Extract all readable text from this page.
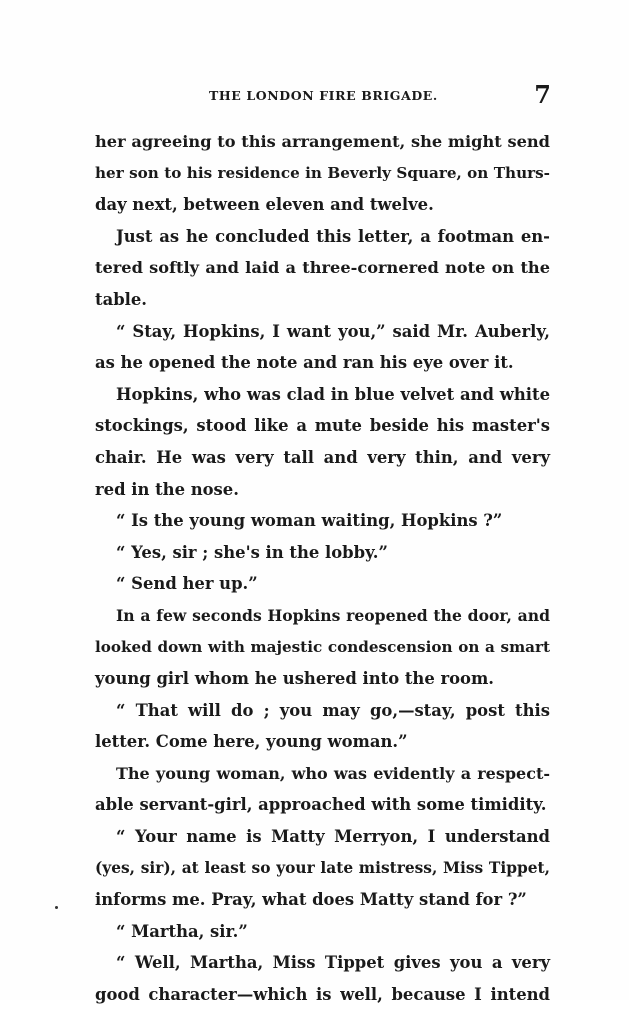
THE LONDON FIRE BRIGADE.	7
her agreeing to this arrangement, she might send
her son to his residence in Beverly Square, on Thurs-
day next, between eleven and twelve.
Just as he concluded this letter, a footman en-
tered softly and laid a three-cornered note on the
table.
“ Stay, Hopkins, I want you,” said Mr. Auberly,
as he opened the note and ran his eye over it.
Hopkins, who was clad in blue velvet and white
stockings, stood like a mute beside his master's
chair. He was very tall and very thin, and very
red in the nose.
“ Is the young woman waiting, Hopkins ?”
“ Yes, sir ; she's in the lobby.”
“ Send her up.”
In a few seconds Hopkins reopened the door, and
looked down with majestic condescension on a smart
young girl whom he ushered into the room.
“ That will do ; you may go,—stay, post this
letter. Come here, young woman.”
The young woman, who was evidently a respect-
able servant-girl, approached with some timidity.
“ Your name is Matty Merryon, I understand
(yes, sir), at least so your late mistress, Miss Tippet,
informs me. Pray, what does Matty stand for ?”
“ Martha, sir.”
“ Well, Martha, Miss Tippet gives you a very
good character—which is well, because I intend
